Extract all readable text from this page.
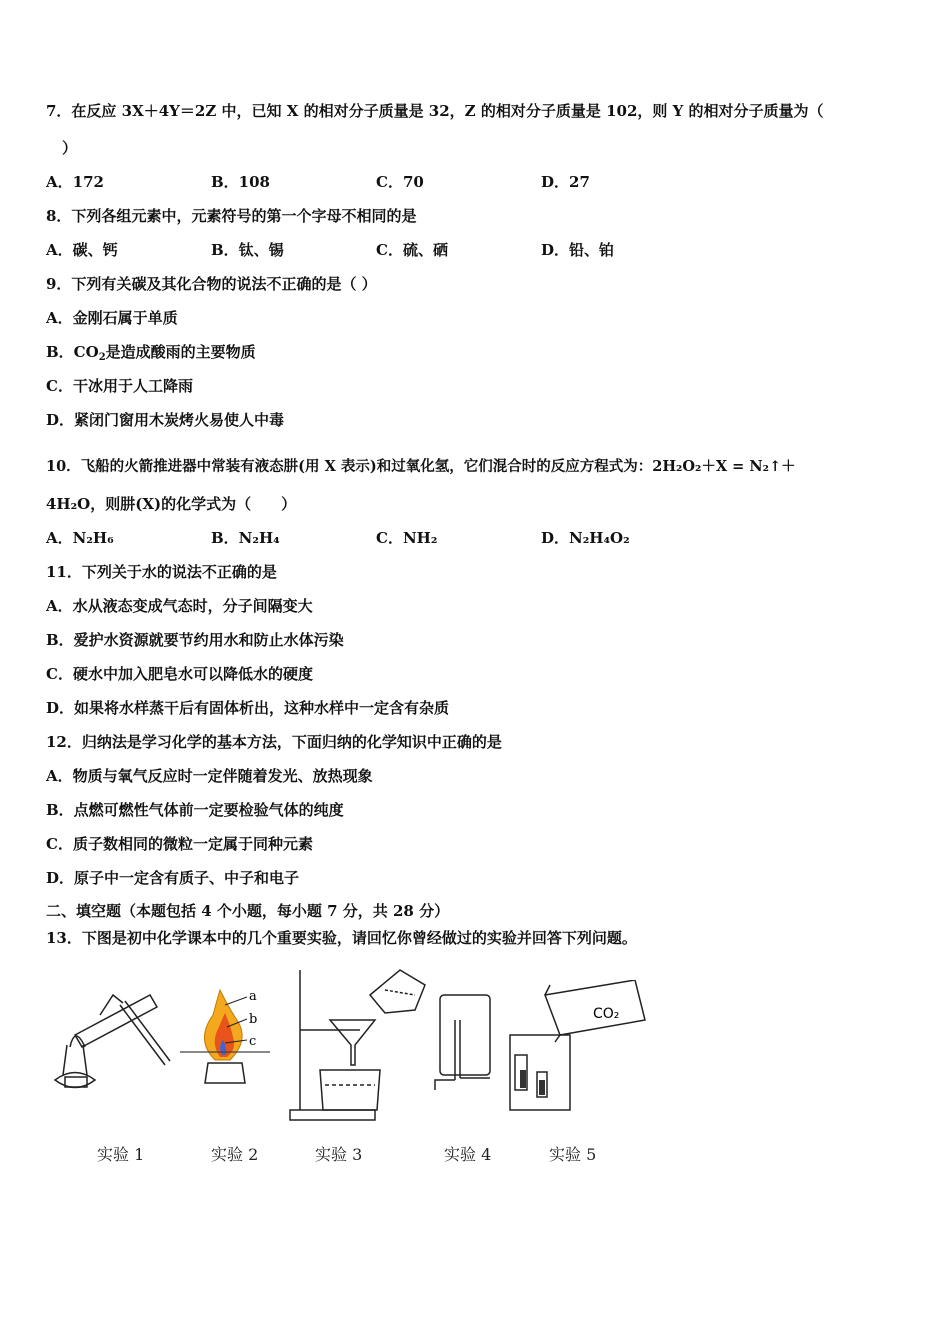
7．在反应 3X＋4Y＝2Z 中，已知 X 的相对分子质量是 32，Z 的相对分子质量是 102，则 Y 的相对分子质量为（
）
A．172	B．108	C．70	D．27
8．下列各组元素中，元素符号的第一个字母不相同的是
A．碳、钙	B．钛、锡	C．硫、硒	D．铅、铂
9．下列有关碳及其化合物的说法不正确的是（ ）
A．金刚石属于单质
B．$CO_2$是造成酸雨的主要物质
C．干冰用于人工降雨
D．紧闭门窗用木炭烤火易使人中毒
10．飞船的火箭推进器中常装有液态肼(用 X 表示)和过氧化氢，它们混合时的反应方程式为：2H₂O₂＋X = N₂↑＋
4H₂O，则肼(X)的化学式为（　　）
A．N₂H₆	B．N₂H₄	C．NH₂	D．N₂H₄O₂
11．下列关于水的说法不正确的是
A．水从液态变成气态时，分子间隔变大
B．爱护水资源就要节约用水和防止水体污染
C．硬水中加入肥皂水可以降低水的硬度
D．如果将水样蒸干后有固体析出，这种水样中一定含有杂质
12．归纳法是学习化学的基本方法，下面归纳的化学知识中正确的是
A．物质与氧气反应时一定伴随着发光、放热现象
B．点燃可燃性气体前一定要检验气体的纯度
C．质子数相同的微粒一定属于同种元素
D．原子中一定含有质子、中子和电子
二、填空题（本题包括 4 个小题，每小题 7 分，共 28 分）
13．下图是初中化学课本中的几个重要实验，请回忆你曾经做过的实验并回答下列问题。
a
b
c
CO₂
实验 1	实验 2	实验 3	实验 4	实验 5
